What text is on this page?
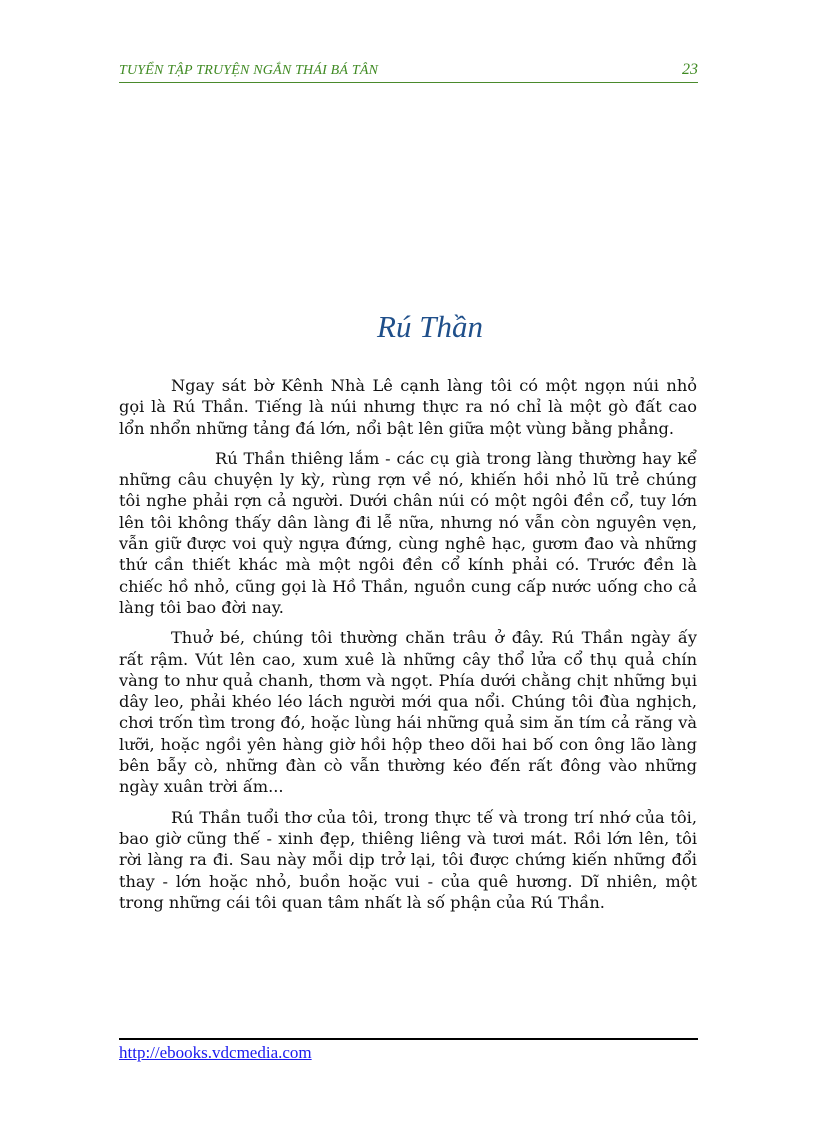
TUYỂN TẬP TRUYỆN NGẮN THÁI BÁ TÂN	23
Rú Thần

Ngay sát bờ Kênh Nhà Lê cạnh làng tôi có một ngọn núi nhỏ gọi là Rú Thần. Tiếng là núi nhưng thực ra nó chỉ là một gò đất cao lổn nhổn những tảng đá lớn, nổi bật lên giữa một vùng bằng phẳng.

Rú Thần thiêng lắm - các cụ già trong làng thường hay kể những câu chuyện ly kỳ, rùng rợn về nó, khiến hồi nhỏ lũ trẻ chúng tôi nghe phải rợn cả người. Dưới chân núi có một ngôi đền cổ, tuy lớn lên tôi không thấy dân làng đi lễ nữa, nhưng nó vẫn còn nguyên vẹn, vẫn giữ được voi quỳ ngựa đứng, cùng nghê hạc, gươm đao và những thứ cần thiết khác mà một ngôi đền cổ kính phải có. Trước đền là chiếc hồ nhỏ, cũng gọi là Hồ Thần, nguồn cung cấp nước uống cho cả làng tôi bao đời nay.

Thuở bé, chúng tôi thường chăn trâu ở đây. Rú Thần ngày ấy rất rậm. Vút lên cao, xum xuê là những cây thổ lửa cổ thụ quả chín vàng to như quả chanh, thơm và ngọt. Phía dưới chằng chịt những bụi dây leo, phải khéo léo lách người mới qua nổi. Chúng tôi đùa nghịch, chơi trốn tìm trong đó, hoặc lùng hái những quả sim ăn tím cả răng và lưỡi, hoặc ngồi yên hàng giờ hồi hộp theo dõi hai bố con ông lão làng bên bẫy cò, những đàn cò vẫn thường kéo đến rất đông vào những ngày xuân trời ấm...

Rú Thần tuổi thơ của tôi, trong thực tế và trong trí nhớ của tôi, bao giờ cũng thế - xinh đẹp, thiêng liêng và tươi mát. Rồi lớn lên, tôi rời làng ra đi. Sau này mỗi dịp trở lại, tôi được chứng kiến những đổi thay - lớn hoặc nhỏ, buồn hoặc vui - của quê hương. Dĩ nhiên, một trong những cái tôi quan tâm nhất là số phận của Rú Thần.

http://ebooks.vdcmedia.com
